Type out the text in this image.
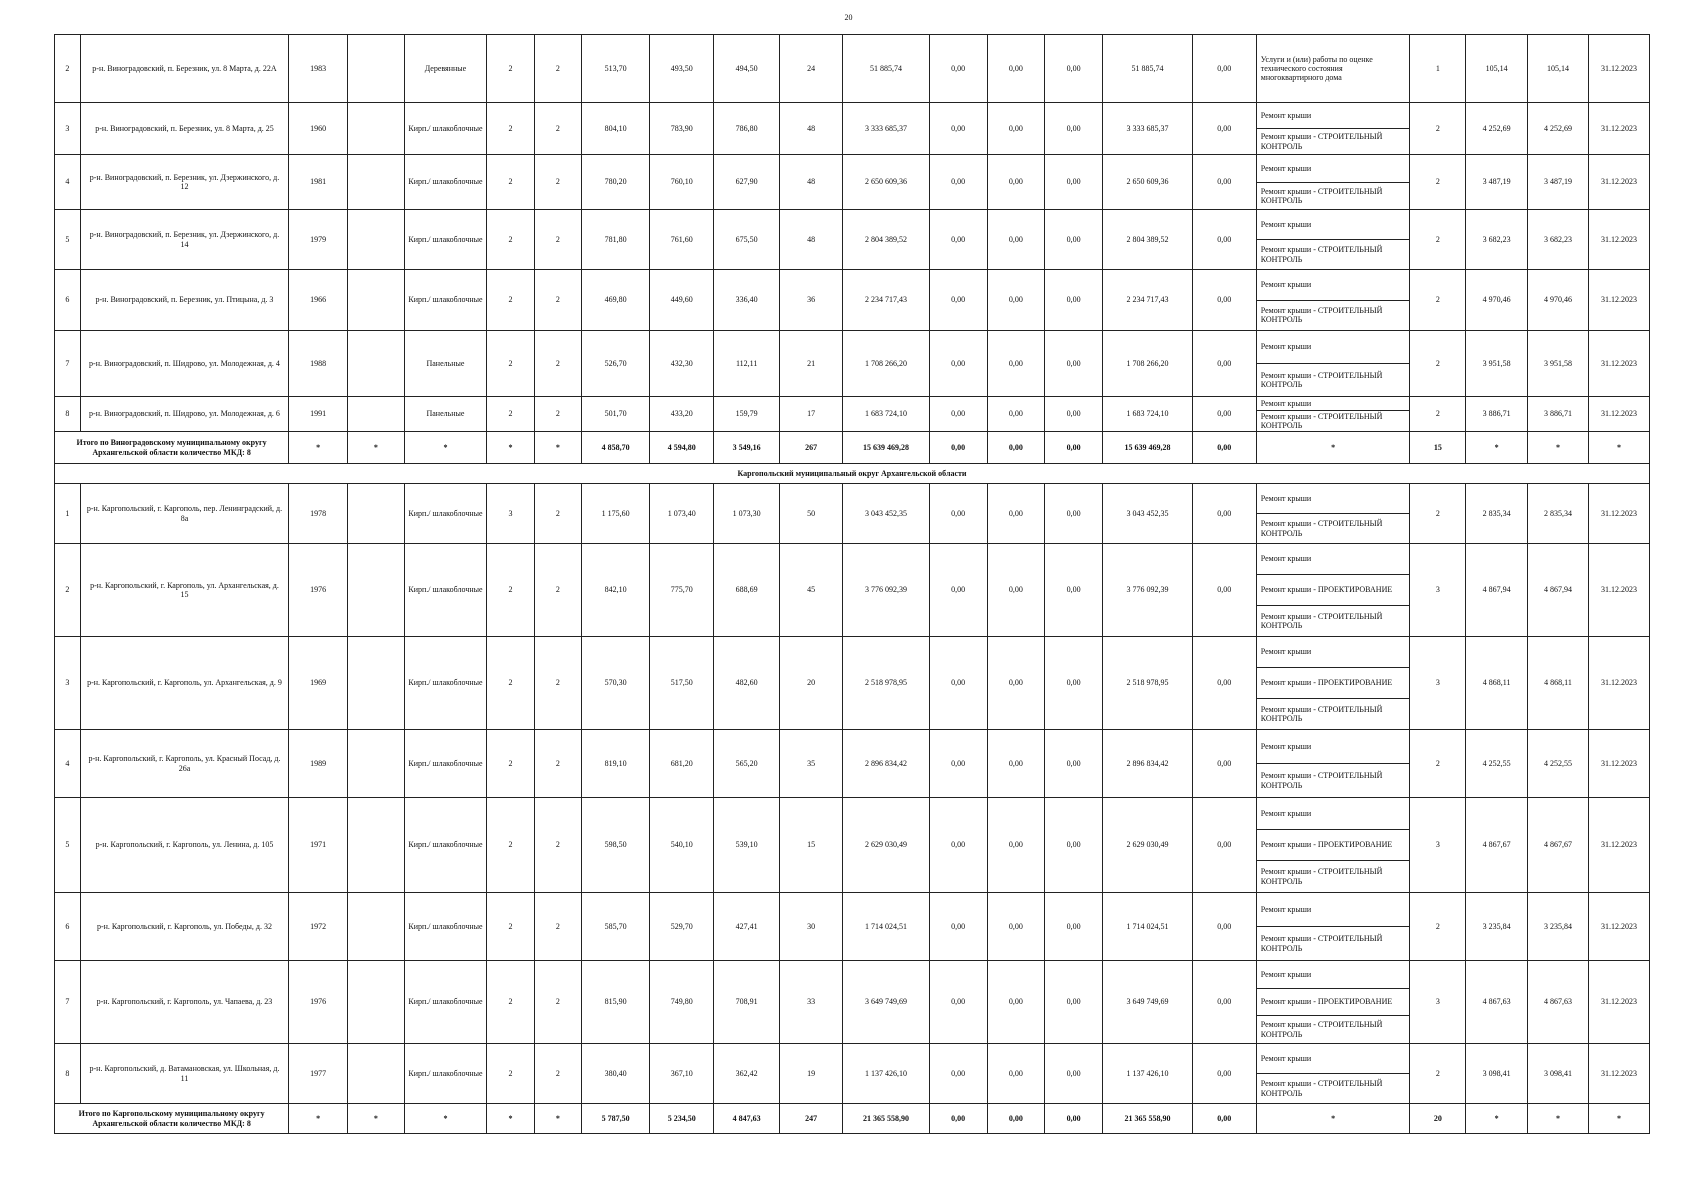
20
2	р-н. Виноградовский, п. Березник, ул. 8 Марта, д. 22А	1983		Деревянные	2	2	513,70	493,50	494,50	24	51 885,74	0,00	0,00	0,00	51 885,74	0,00	Услуги и (или) работы по оценке технического состояния многоквартирного дома	1	105,14	105,14	31.12.2023
3	р-н. Виноградовский, п. Березник, ул. 8 Марта, д. 25	1960		Кирп./ шлакоблочные	2	2	804,10	783,90	786,80	48	3 333 685,37	0,00	0,00	0,00	3 333 685,37	0,00	Ремонт крыши
Ремонт крыши - СТРОИТЕЛЬНЫЙ КОНТРОЛЬ	2	4 252,69	4 252,69	31.12.2023
4	р-н. Виноградовский, п. Березник, ул. Дзержинского, д. 12	1981		Кирп./ шлакоблочные	2	2	780,20	760,10	627,90	48	2 650 609,36	0,00	0,00	0,00	2 650 609,36	0,00	Ремонт крыши
Ремонт крыши - СТРОИТЕЛЬНЫЙ КОНТРОЛЬ	2	3 487,19	3 487,19	31.12.2023
5	р-н. Виноградовский, п. Березник, ул. Дзержинского, д. 14	1979		Кирп./ шлакоблочные	2	2	781,80	761,60	675,50	48	2 804 389,52	0,00	0,00	0,00	2 804 389,52	0,00	Ремонт крыши
Ремонт крыши - СТРОИТЕЛЬНЫЙ КОНТРОЛЬ	2	3 682,23	3 682,23	31.12.2023
6	р-н. Виноградовский, п. Березник, ул. Птицына, д. 3	1966		Кирп./ шлакоблочные	2	2	469,80	449,60	336,40	36	2 234 717,43	0,00	0,00	0,00	2 234 717,43	0,00	Ремонт крыши
Ремонт крыши - СТРОИТЕЛЬНЫЙ КОНТРОЛЬ	2	4 970,46	4 970,46	31.12.2023
7	р-н. Виноградовский, п. Шидрово, ул. Молодежная, д. 4	1988		Панельные	2	2	526,70	432,30	112,11	21	1 708 266,20	0,00	0,00	0,00	1 708 266,20	0,00	Ремонт крыши
Ремонт крыши - СТРОИТЕЛЬНЫЙ КОНТРОЛЬ	2	3 951,58	3 951,58	31.12.2023
8	р-н. Виноградовский, п. Шидрово, ул. Молодежная, д. 6	1991		Панельные	2	2	501,70	433,20	159,79	17	1 683 724,10	0,00	0,00	0,00	1 683 724,10	0,00	Ремонт крыши
Ремонт крыши - СТРОИТЕЛЬНЫЙ КОНТРОЛЬ	2	3 886,71	3 886,71	31.12.2023
Итого по Виноградовскому муниципальному округу Архангельской области количество МКД: 8		*	*	*	*	*	4 858,70	4 594,80	3 549,16	267	15 639 469,28	0,00	0,00	0,00	15 639 469,28	0,00	*	15	*	*	*
Каргопольский муниципальный округ Архангельской области																					
1	р-н. Каргопольский, г. Каргополь, пер. Ленинградский, д. 8а	1978		Кирп./ шлакоблочные	3	2	1 175,60	1 073,40	1 073,30	50	3 043 452,35	0,00	0,00	0,00	3 043 452,35	0,00	Ремонт крыши
Ремонт крыши - СТРОИТЕЛЬНЫЙ КОНТРОЛЬ	2	2 835,34	2 835,34	31.12.2023
2	р-н. Каргопольский, г. Каргополь, ул. Архангельская, д. 15	1976		Кирп./ шлакоблочные	2	2	842,10	775,70	688,69	45	3 776 092,39	0,00	0,00	0,00	3 776 092,39	0,00	Ремонт крыши
Ремонт крыши - ПРОЕКТИРОВАНИЕ
Ремонт крыши - СТРОИТЕЛЬНЫЙ КОНТРОЛЬ	3	4 867,94	4 867,94	31.12.2023
3	р-н. Каргопольский, г. Каргополь, ул. Архангельская, д. 9	1969		Кирп./ шлакоблочные	2	2	570,30	517,50	482,60	20	2 518 978,95	0,00	0,00	0,00	2 518 978,95	0,00	Ремонт крыши
Ремонт крыши - ПРОЕКТИРОВАНИЕ
Ремонт крыши - СТРОИТЕЛЬНЫЙ КОНТРОЛЬ	3	4 868,11	4 868,11	31.12.2023
4	р-н. Каргопольский, г. Каргополь, ул. Красный Посад, д. 26а	1989		Кирп./ шлакоблочные	2	2	819,10	681,20	565,20	35	2 896 834,42	0,00	0,00	0,00	2 896 834,42	0,00	Ремонт крыши
Ремонт крыши - СТРОИТЕЛЬНЫЙ КОНТРОЛЬ	2	4 252,55	4 252,55	31.12.2023
5	р-н. Каргопольский, г. Каргополь, ул. Ленина, д. 105	1971		Кирп./ шлакоблочные	2	2	598,50	540,10	539,10	15	2 629 030,49	0,00	0,00	0,00	2 629 030,49	0,00	Ремонт крыши
Ремонт крыши - ПРОЕКТИРОВАНИЕ
Ремонт крыши - СТРОИТЕЛЬНЫЙ КОНТРОЛЬ	3	4 867,67	4 867,67	31.12.2023
6	р-н. Каргопольский, г. Каргополь, ул. Победы, д. 32	1972		Кирп./ шлакоблочные	2	2	585,70	529,70	427,41	30	1 714 024,51	0,00	0,00	0,00	1 714 024,51	0,00	Ремонт крыши
Ремонт крыши - СТРОИТЕЛЬНЫЙ КОНТРОЛЬ	2	3 235,84	3 235,84	31.12.2023
7	р-н. Каргопольский, г. Каргополь, ул. Чапаева, д. 23	1976		Кирп./ шлакоблочные	2	2	815,90	749,80	708,91	33	3 649 749,69	0,00	0,00	0,00	3 649 749,69	0,00	Ремонт крыши
Ремонт крыши - ПРОЕКТИРОВАНИЕ
Ремонт крыши - СТРОИТЕЛЬНЫЙ КОНТРОЛЬ	3	4 867,63	4 867,63	31.12.2023
8	р-н. Каргопольский, д. Ватамановская, ул. Школьная, д. 11	1977		Кирп./ шлакоблочные	2	2	380,40	367,10	362,42	19	1 137 426,10	0,00	0,00	0,00	1 137 426,10	0,00	Ремонт крыши
Ремонт крыши - СТРОИТЕЛЬНЫЙ КОНТРОЛЬ	2	3 098,41	3 098,41	31.12.2023
Итого по Каргопольскому муниципальному округу Архангельской области количество МКД: 8		*	*	*	*	*	5 787,50	5 234,50	4 847,63	247	21 365 558,90	0,00	0,00	0,00	21 365 558,90	0,00	*	20	*	*	*
